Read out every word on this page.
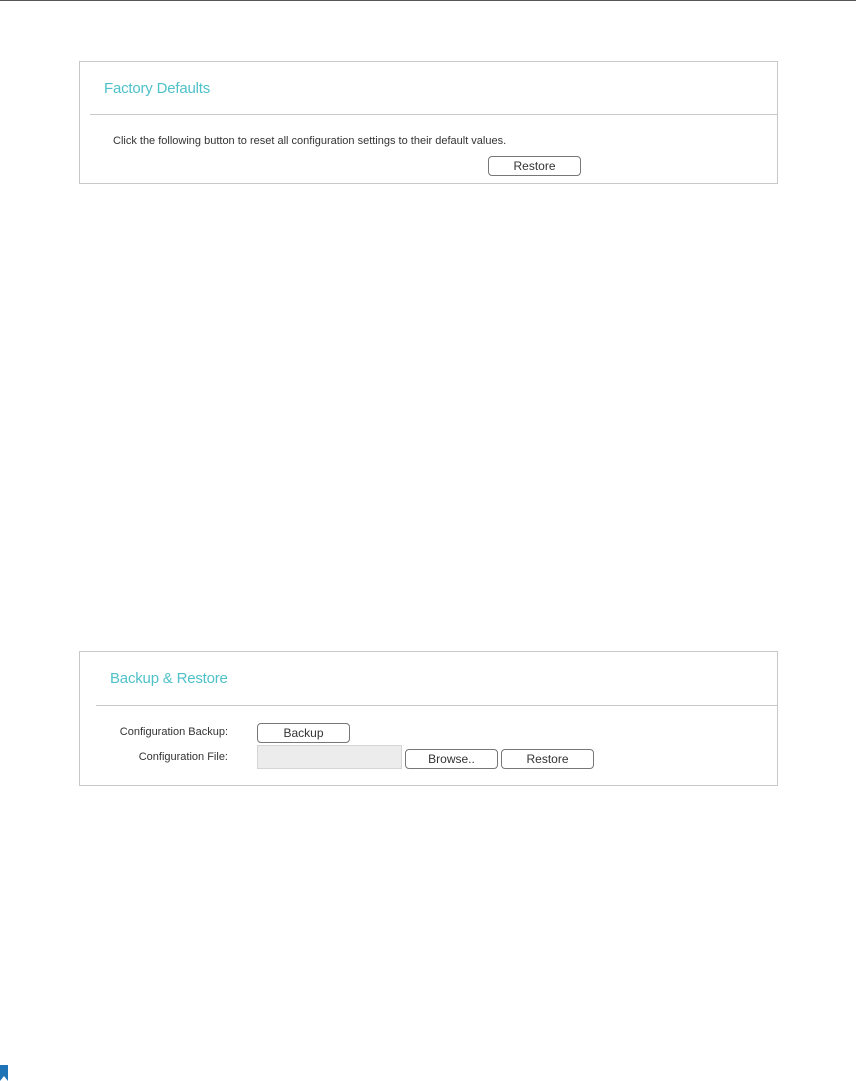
Factory Defaults
Click the following button to reset all configuration settings to their default values.
Restore
Backup & Restore
Configuration Backup:	Backup
Configuration File:	Browse..	Restore
